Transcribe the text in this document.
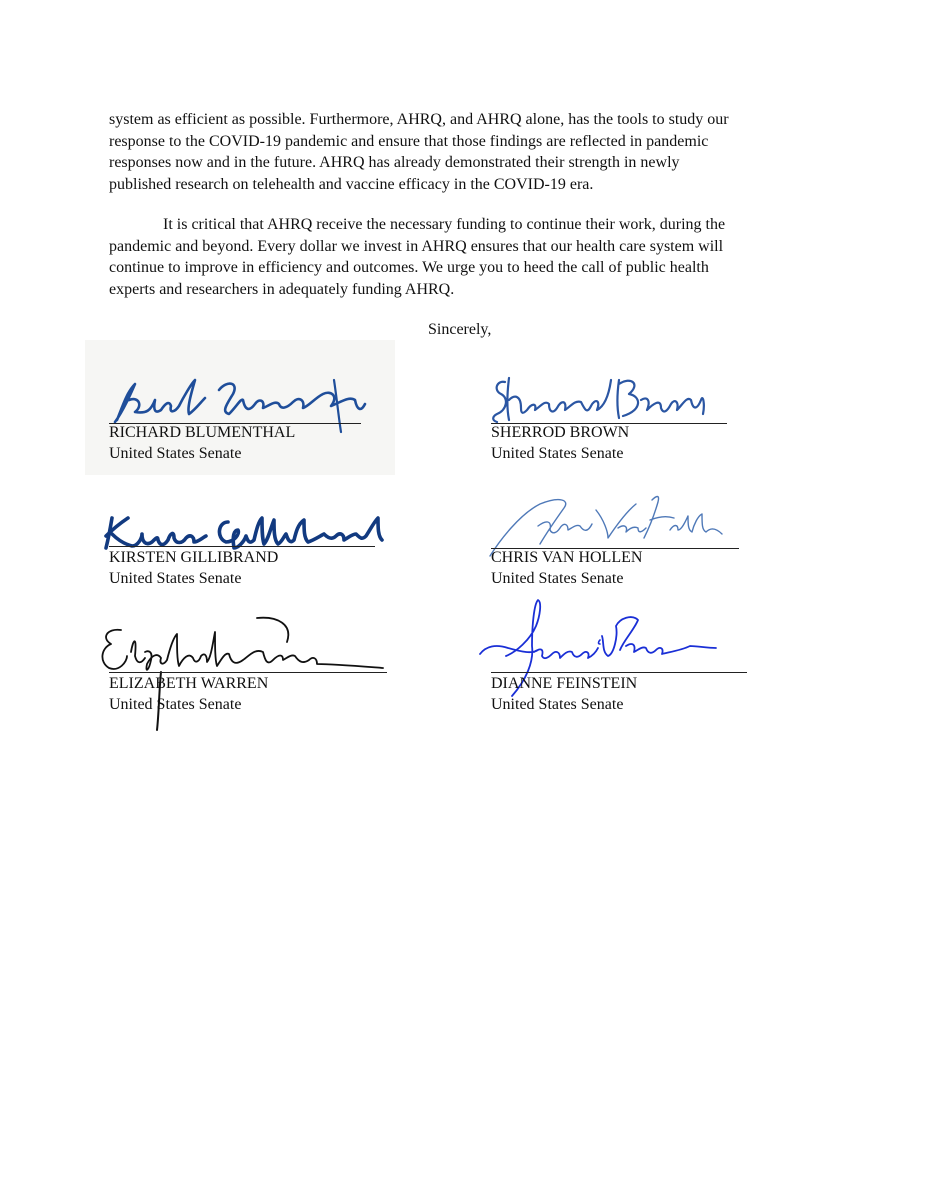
system as efficient as possible. Furthermore, AHRQ, and AHRQ alone, has the tools to study our
response to the COVID-19 pandemic and ensure that those findings are reflected in pandemic
responses now and in the future. AHRQ has already demonstrated their strength in newly
published research on telehealth and vaccine efficacy in the COVID-19 era.
It is critical that AHRQ receive the necessary funding to continue their work, during the
pandemic and beyond. Every dollar we invest in AHRQ ensures that our health care system will
continue to improve in efficiency and outcomes. We urge you to heed the call of public health
experts and researchers in adequately funding AHRQ.
Sincerely,
RICHARD BLUMENTHAL
United States Senate
SHERROD BROWN
United States Senate
KIRSTEN GILLIBRAND
United States Senate
CHRIS VAN HOLLEN
United States Senate
ELIZABETH WARREN
United States Senate
DIANNE FEINSTEIN
United States Senate
